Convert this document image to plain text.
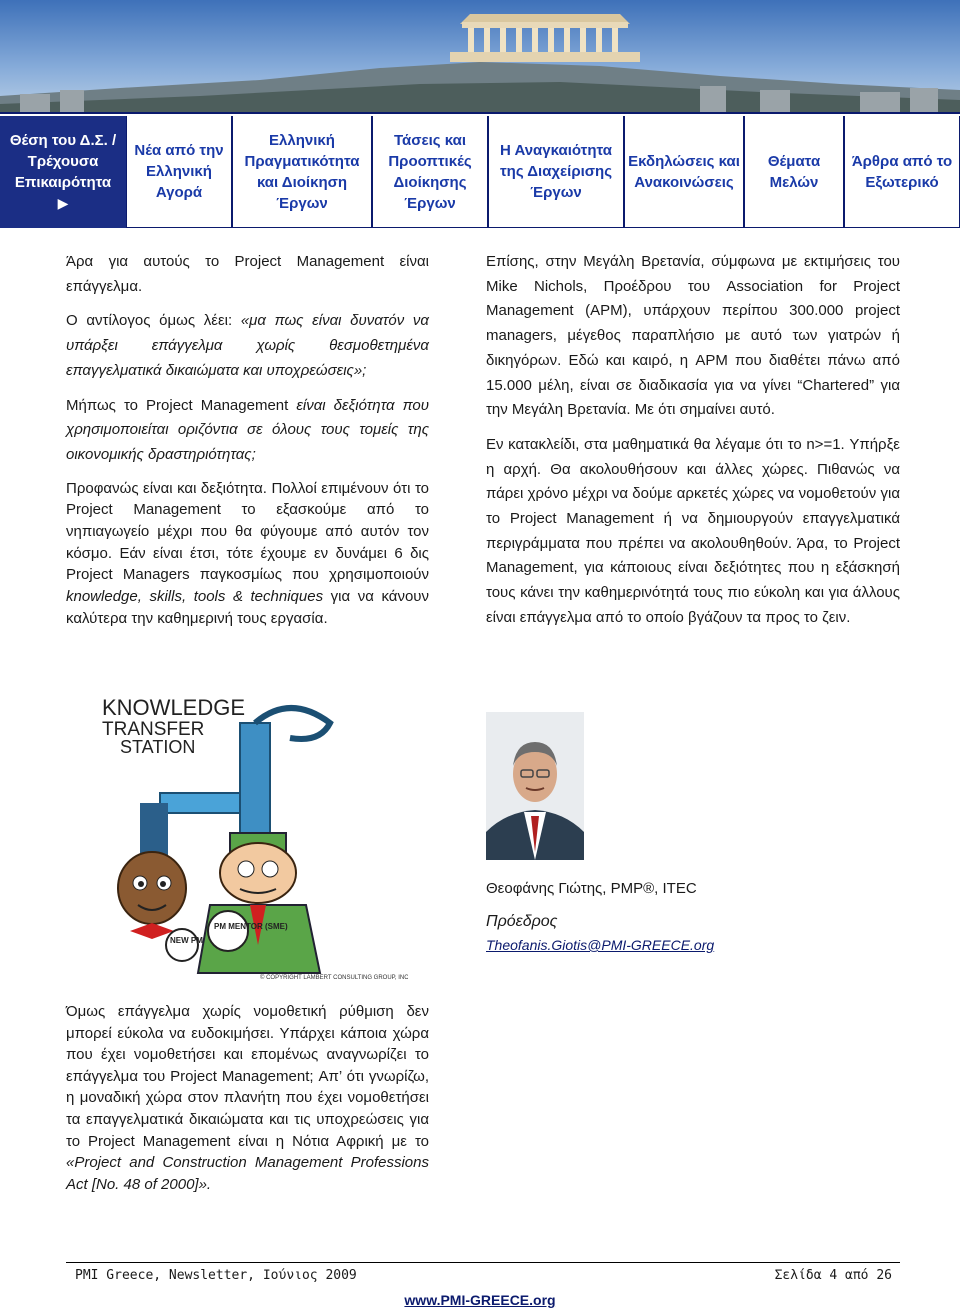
Θέση του Δ.Σ. / Τρέχουσα Επικαιρότητα
▶
Νέα από την Ελληνική Αγορά
Ελληνική Πραγματικότητα και Διοίκηση Έργων
Τάσεις και Προοπτικές Διοίκησης Έργων
Η Αναγκαιότητα της Διαχείρισης Έργων
Εκδηλώσεις και Ανακοινώσεις
Θέματα Μελών
Άρθρα από το Εξωτερικό

Άρα για αυτούς το Project Management είναι επάγγελμα.

Ο αντίλογος όμως λέει: «μα πως είναι δυνατόν να υπάρξει επάγγελμα χωρίς θεσμοθετημένα επαγγελματικά δικαιώματα και υποχρεώσεις»;

Μήπως το Project Management είναι δεξιότητα που χρησιμοποιείται οριζόντια σε όλους τους τομείς της οικονομικής δραστηριότητας;

Προφανώς είναι και δεξιότητα. Πολλοί επιμένουν ότι το Project Management το εξασκούμε από το νηπιαγωγείο μέχρι που θα φύγουμε από αυτόν τον κόσμο. Εάν είναι έτσι, τότε έχουμε εν δυνάμει 6 δις Project Managers παγκοσμίως που χρησιμοποιούν knowledge, skills, tools & techniques για να κάνουν καλύτερα την καθημερινή τους εργασία.

KNOWLEDGE
TRANSFER
STATION
NEW PM
PM MENTOR (SME)
© COPYRIGHT LAMBERT CONSULTING GROUP, INC.

Όμως επάγγελμα χωρίς νομοθετική ρύθμιση δεν μπορεί εύκολα να ευδοκιμήσει. Υπάρχει κάποια χώρα που έχει νομοθετήσει και επομένως αναγνωρίζει το επάγγελμα του Project Management; Απ’ ότι γνωρίζω, η μοναδική χώρα στον πλανήτη που έχει νομοθετήσει τα επαγγελματικά δικαιώματα και τις υποχρεώσεις για το Project Management είναι η Νότια Αφρική με το «Project and Construction Management Professions Act [No. 48 of 2000]».

Επίσης, στην Μεγάλη Βρετανία, σύμφωνα με εκτιμήσεις του Mike Nichols, Προέδρου του Association for Project Management (APM), υπάρχουν περίπου 300.000 project managers, μέγεθος παραπλήσιο με αυτό των γιατρών ή δικηγόρων. Εδώ και καιρό, η APM που διαθέτει πάνω από 15.000 μέλη, είναι σε διαδικασία για να γίνει “Chartered” για την Μεγάλη Βρετανία. Με ότι σημαίνει αυτό.

Εν κατακλείδι, στα μαθηματικά θα λέγαμε ότι το n>=1. Υπήρξε η αρχή. Θα ακολουθήσουν και άλλες χώρες. Πιθανώς να πάρει χρόνο μέχρι να δούμε αρκετές χώρες να νομοθετούν για το Project Management ή να δημιουργούν επαγγελματικά περιγράμματα που πρέπει να ακολουθηθούν. Άρα, το Project Management, για κάποιους είναι δεξιότητες που η εξάσκησή τους κάνει την καθημερινότητά τους πιο εύκολη και για άλλους είναι επάγγελμα από το οποίο βγάζουν τα προς το ζειν.

Θεοφάνης Γιώτης, PMP®, ITEC
Πρόεδρος
Theofanis.Giotis@PMI-GREECE.org
PMI Greece, Newsletter, Ιούνιος 2009	Σελίδα 4 από 26
www.PMI-GREECE.org
